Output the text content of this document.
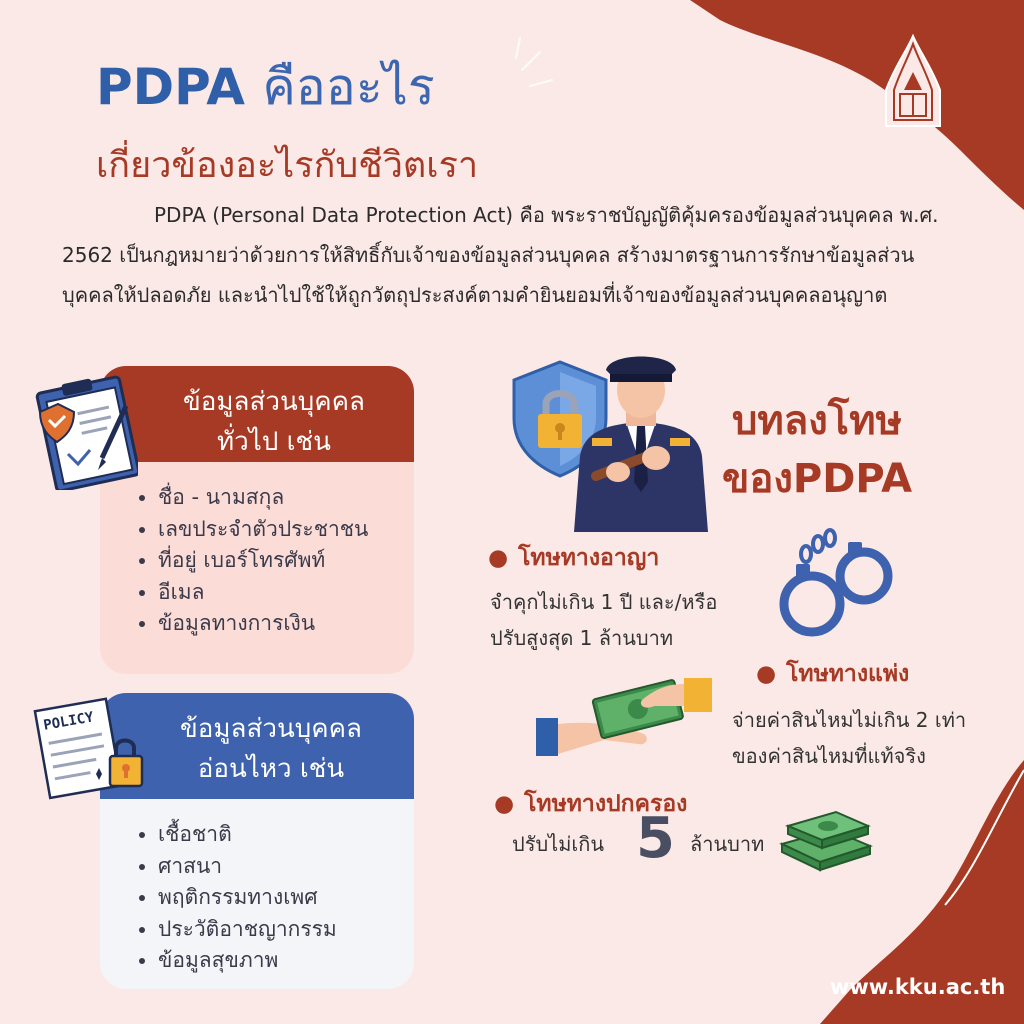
PDPA คืออะไร
เกี่ยวข้องอะไรกับชีวิตเรา

PDPA (Personal Data Protection Act) คือ พระราชบัญญัติคุ้มครองข้อมูลส่วนบุคคล พ.ศ. 2562 เป็นกฎหมายว่าด้วยการให้สิทธิ์กับเจ้าของข้อมูลส่วนบุคคล สร้างมาตรฐานการรักษาข้อมูลส่วนบุคคลให้ปลอดภัย และนำไปใช้ให้ถูกวัตถุประสงค์ตามคำยินยอมที่เจ้าของข้อมูลส่วนบุคคลอนุญาต

ข้อมูลส่วนบุคคล
ทั่วไป เช่น
• ชื่อ - นามสกุล
• เลขประจำตัวประชาชน
• ที่อยู่ เบอร์โทรศัพท์
• อีเมล
• ข้อมูลทางการเงิน
ข้อมูลส่วนบุคคล
อ่อนไหว เช่น
• เชื้อชาติ
• ศาสนา
• พฤติกรรมทางเพศ
• ประวัติอาชญากรรม
• ข้อมูลสุขภาพ
POLICY
บทลงโทษ
ของPDPA
● โทษทางอาญา
จำคุกไม่เกิน 1 ปี และ/หรือ
ปรับสูงสุด 1 ล้านบาท
● โทษทางแพ่ง
จ่ายค่าสินไหมไม่เกิน 2 เท่า
ของค่าสินไหมที่แท้จริง
● โทษทางปกครอง
ปรับไม่เกิน 5 ล้านบาท
www.kku.ac.th
